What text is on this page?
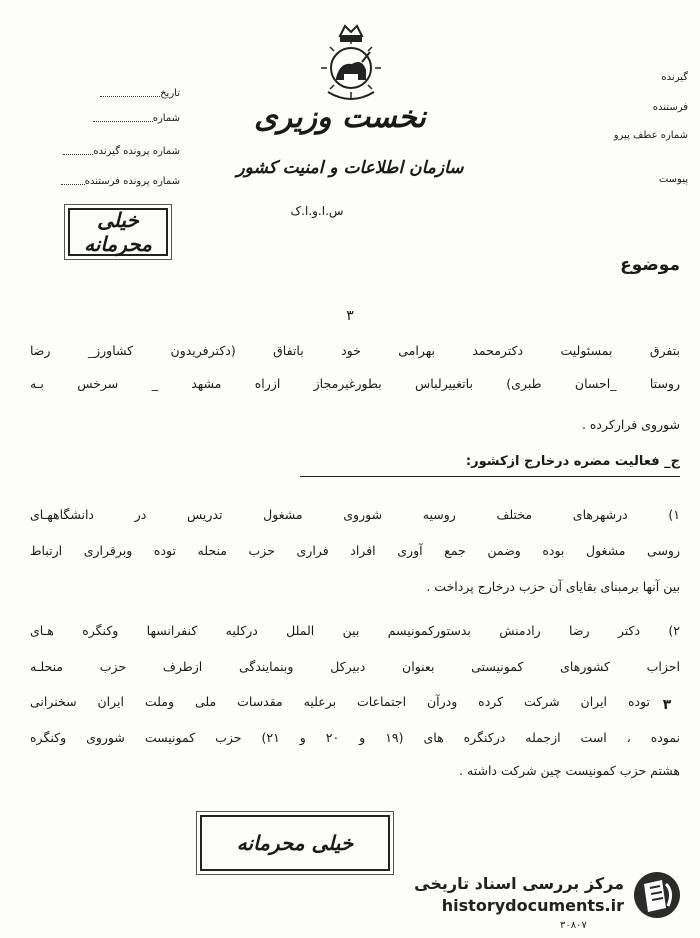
نخست وزیری
سازمان اطلاعات و امنیت کشور
س.ا.و.ا.ک
تاریخ
شماره
شماره پرونده گیرنده
شماره پرونده فرستنده
گیرنده
فرستنده
شماره عطف پیرو
پیوست
خیلی محرمانه
موضوع
۳
بتفرق بمسئولیت دکترمحمد بهرامی خود باتفاق (دکترفریدون کشاورز_ رضا
روستا _احسان طبری) باتغییرلباس بطورغیرمجاز ازراه مشهد _ سرخس بـه
شوروی فرارکرده .
ج_ فعالیت مضره درخارج ازکشور:
۱) درشهرهای مختلف روسیه شوروی مشغول تدریس در دانشگاههـای
روسی مشغول بوده وضمن جمع آوری افراد فراری حزب منحله توده وبرقراری ارتباط
بین آنها برمبنای بقایای آن حزب درخارج پرداخت .
۲) دکتر رضا رادمنش بدستورکمونیسم بین الملل درکلیه کنفرانسها وکنگره هـای
احزاب کشورهای کمونیستی بعنوان دبیرکل وبنمایندگی ازطرف حزب منحلـه
توده ایران شرکت کرده ودرآن اجتماعات برعلیه مقدسات ملی وملت ایران سخنرانی
نموده ، است ازجمله درکنگره های (۱۹ و ۲۰ و ۲۱) حزب کمونیست شوروی وکنگره
هشتم حزب کمونیست چین شرکت داشته .
۳
خیلی محرمانه
مرکز بررسی اسناد تاریخی
historydocuments.ir
۳۰۸۰۷
